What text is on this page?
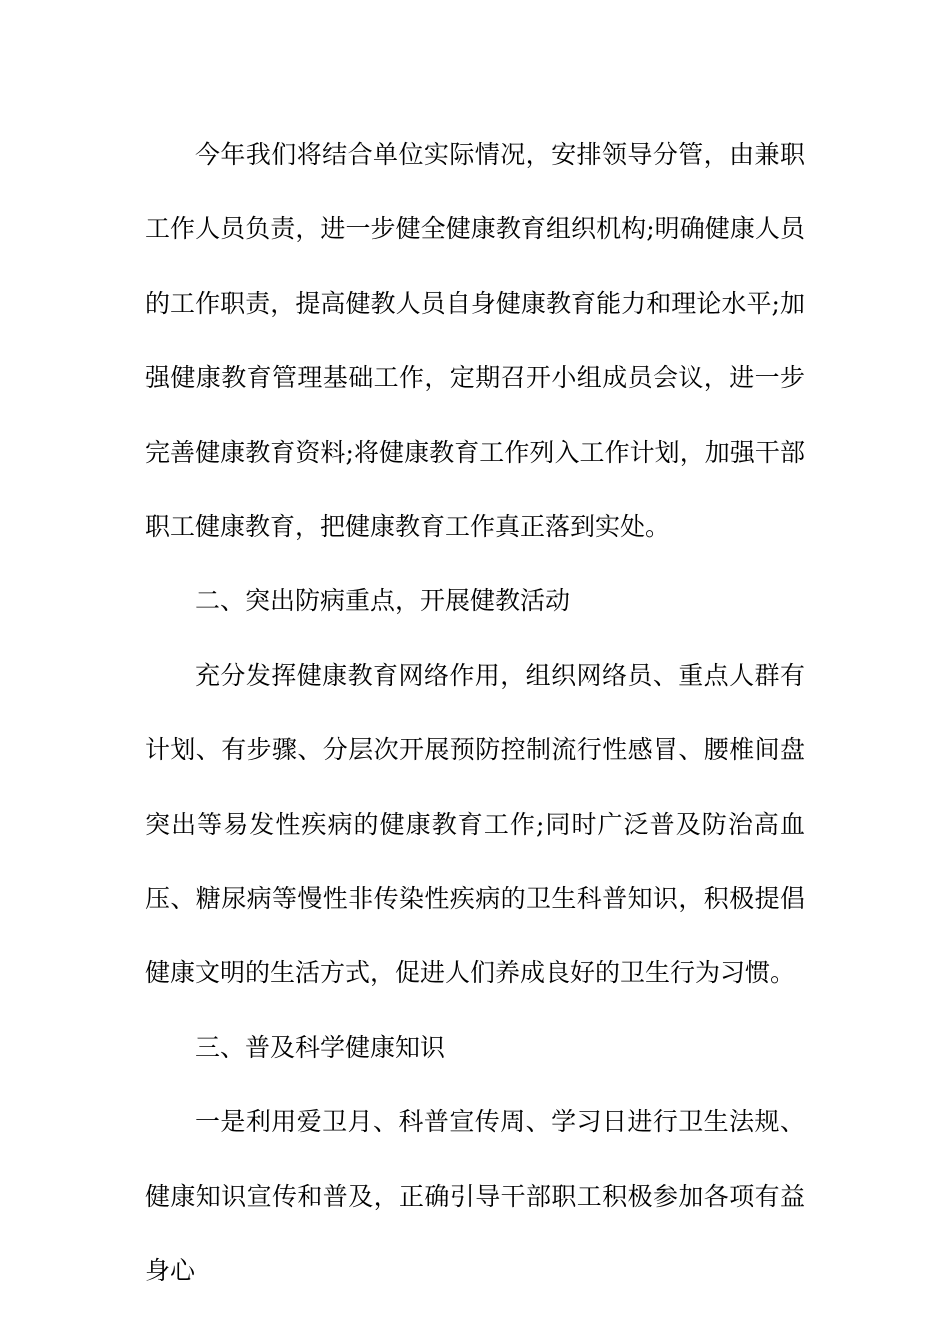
今年我们将结合单位实际情况，安排领导分管，由兼职工作人员负责，进一步健全健康教育组织机构;明确健康人员的工作职责，提高健教人员自身健康教育能力和理论水平;加强健康教育管理基础工作，定期召开小组成员会议，进一步完善健康教育资料;将健康教育工作列入工作计划，加强干部职工健康教育，把健康教育工作真正落到实处。

二、突出防病重点，开展健教活动

充分发挥健康教育网络作用，组织网络员、重点人群有计划、有步骤、分层次开展预防控制流行性感冒、腰椎间盘突出等易发性疾病的健康教育工作;同时广泛普及防治高血压、糖尿病等慢性非传染性疾病的卫生科普知识，积极提倡健康文明的生活方式，促进人们养成良好的卫生行为习惯。

三、普及科学健康知识

一是利用爱卫月、科普宣传周、学习日进行卫生法规、健康知识宣传和普及，正确引导干部职工积极参加各项有益身心
